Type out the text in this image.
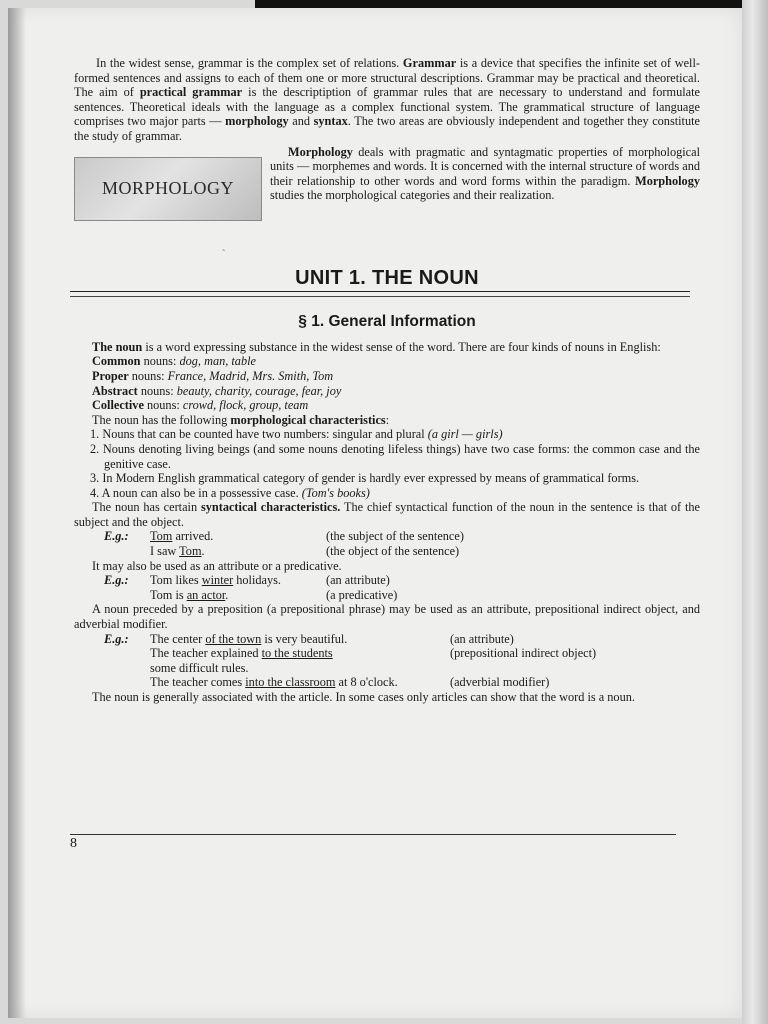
In the widest sense, grammar is the complex set of relations. Grammar is a device that specifies the infinite set of well-formed sentences and assigns to each of them one or more structural descriptions. Grammar may be practical and theoretical. The aim of practical grammar is the descriptiption of grammar rules that are necessary to understand and formulate sentences. Theoretical ideals with the language as a complex functional system. The grammatical structure of language comprises two major parts — morphology and syntax. The two areas are obviously independent and together they constitute the study of grammar.

MORPHOLOGY

Morphology deals with pragmatic and syntagmatic properties of morphological units — morphemes and words. It is concerned with the internal structure of words and their relationship to other words and word forms within the paradigm. Morphology studies the morphological categories and their realization.

UNIT 1. THE NOUN
§ 1. General Information

The noun is a word expressing substance in the widest sense of the word. There are four kinds of nouns in English:

Common nouns: dog, man, table

Proper nouns: France, Madrid, Mrs. Smith, Tom

Abstract nouns: beauty, charity, courage, fear, joy

Collective nouns: crowd, flock, group, team

The noun has the following morphological characteristics:

1. Nouns that can be counted have two numbers: singular and plural (a girl — girls)

2. Nouns denoting living beings (and some nouns denoting lifeless things) have two case forms: the common case and the genitive case.

3. In Modern English grammatical category of gender is hardly ever expressed by means of grammatical forms.

4. A noun can also be in a possessive case. (Tom's books)

The noun has certain syntactical characteristics. The chief syntactical function of the noun in the sentence is that of the subject and the object.

E.g.:	Tom arrived.	(the subject of the sentence)
I saw Tom.	(the object of the sentence)

It may also be used as an attribute or a predicative.

E.g.:	Tom likes winter holidays.	(an attribute)
Tom is an actor.	(a predicative)

A noun preceded by a preposition (a prepositional phrase) may be used as an attribute, prepositional indirect object, and adverbial modifier.

E.g.:	The center of the town is very beautiful.	(an attribute)
The teacher explained to the students	(prepositional indirect object)
some difficult rules.
The teacher comes into the classroom at 8 o'clock.	(adverbial modifier)

The noun is generally associated with the article. In some cases only articles can show that the word is a noun.

ˆ
8
